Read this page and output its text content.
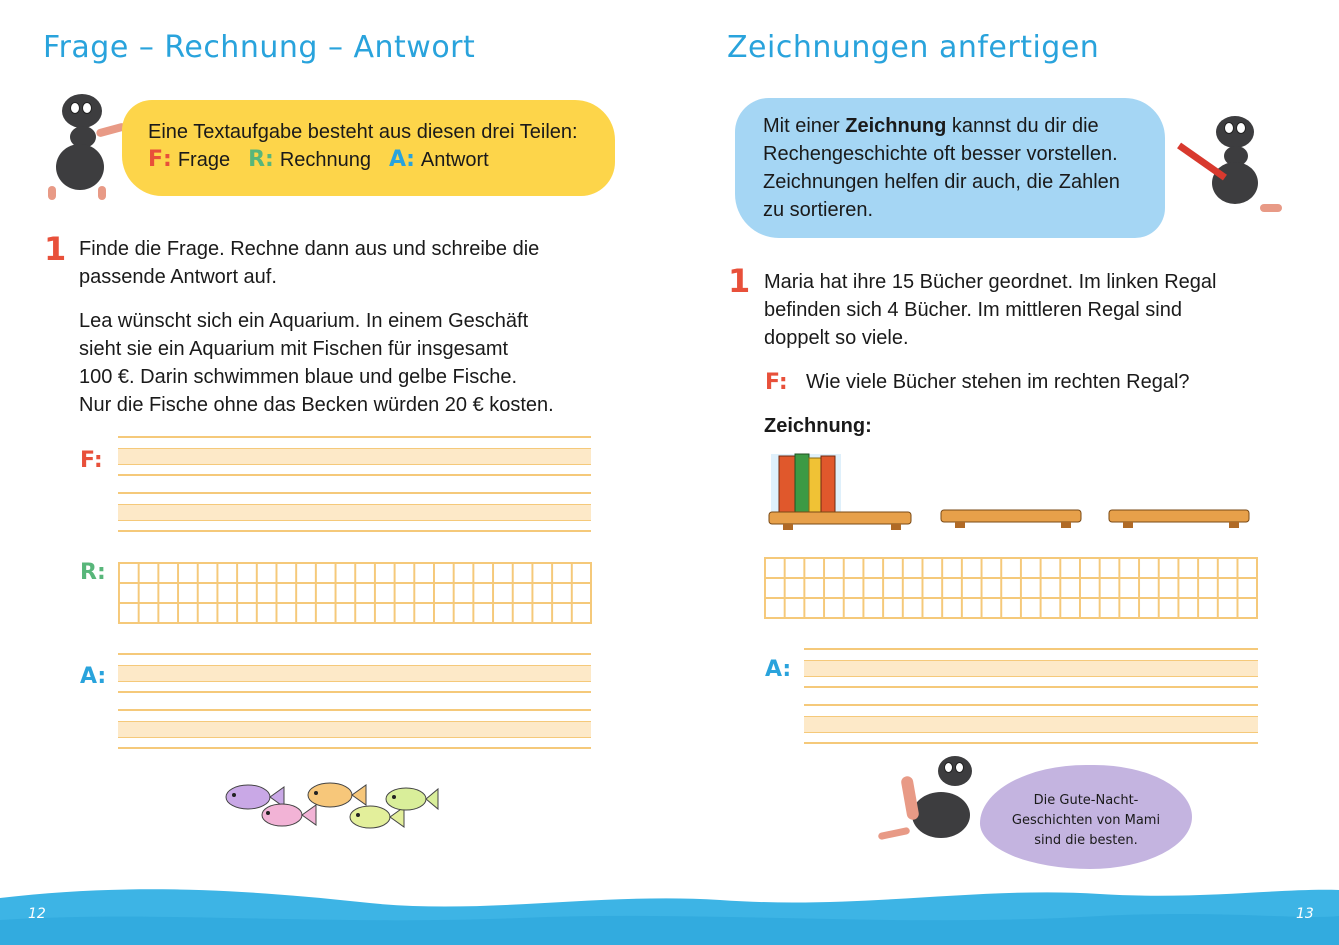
Frage – Rechnung – Antwort
Eine Textaufgabe besteht aus diesen drei Teilen:
F : Frage R : Rechnung A : Antwort
1 Finde die Frage. Rechne dann aus und schreibe die
passende Antwort auf.
Lea wünscht sich ein Aquarium. In einem Geschäft
sieht sie ein Aquarium mit Fischen für insgesamt
100 €. Darin schwimmen blaue und gelbe Fische.
Nur die Fische ohne das Becken würden 20 € kosten.
F:
R:
A:
Zeichnungen anfertigen
Mit einer Zeichnung kannst du dir die
Rechengeschichte oft besser vorstellen.
Zeichnungen helfen dir auch, die Zahlen
zu sortieren.
1 Maria hat ihre 15 Bücher geordnet. Im linken Regal
befinden sich 4 Bücher. Im mittleren Regal sind
doppelt so viele.
F: Wie viele Bücher stehen im rechten Regal?
Zeichnung:
A:
Die Gute-Nacht-
Geschichten von Mami
sind die besten.
12	13
